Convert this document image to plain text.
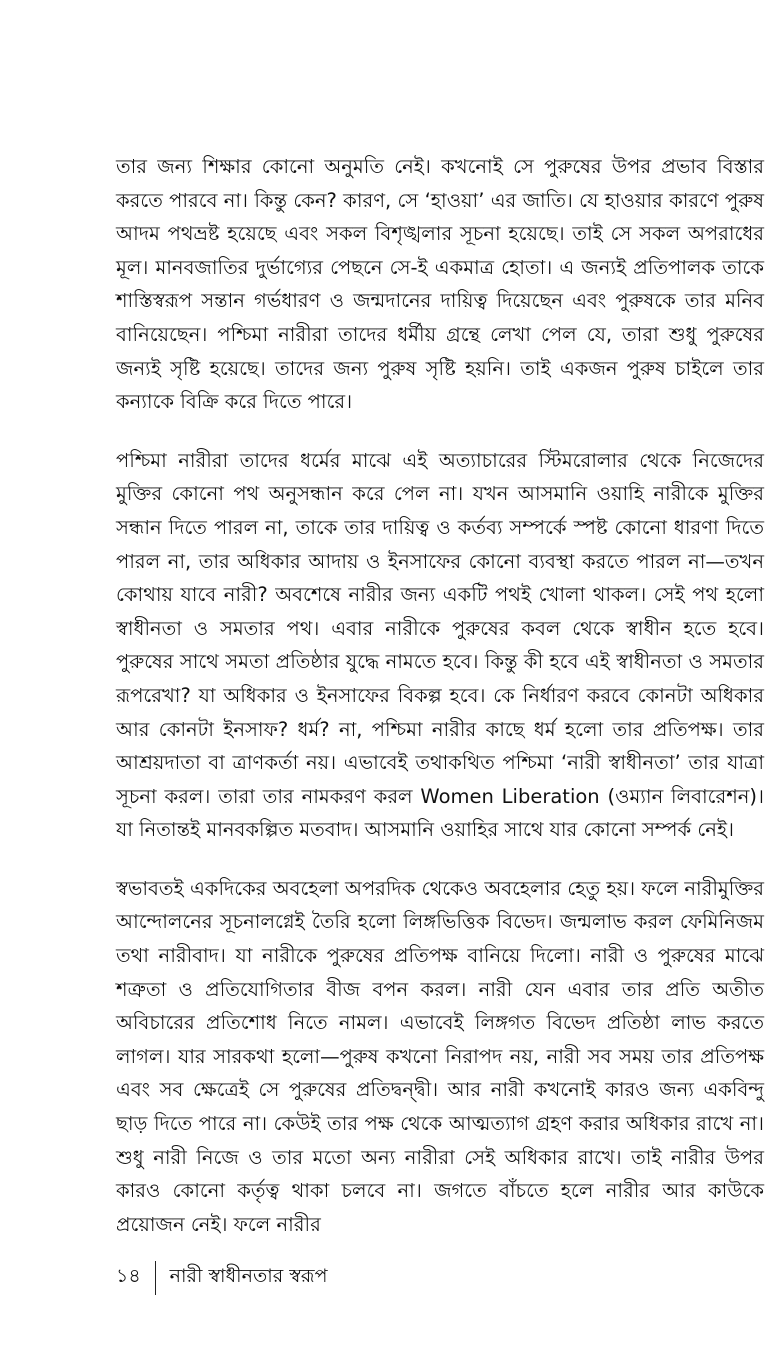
তার জন্য শিক্ষার কোনো অনুমতি নেই। কখনোই সে পুরুষের উপর প্রভাব বিস্তার করতে পারবে না। কিন্তু কেন? কারণ, সে ‘হাওয়া’ এর জাতি। যে হাওয়ার কারণে পুরুষ আদম পথভ্রষ্ট হয়েছে এবং সকল বিশৃঙ্খলার সূচনা হয়েছে। তাই সে সকল অপরাধের মূল। মানবজাতির দুর্ভাগ্যের পেছনে সে-ই একমাত্র হোতা। এ জন্যই প্রতিপালক তাকে শাস্তিস্বরূপ সন্তান গর্ভধারণ ও জন্মদানের দায়িত্ব দিয়েছেন এবং পুরুষকে তার মনিব বানিয়েছেন। পশ্চিমা নারীরা তাদের ধর্মীয় গ্রন্থে লেখা পেল যে, তারা শুধু পুরুষের জন্যই সৃষ্টি হয়েছে। তাদের জন্য পুরুষ সৃষ্টি হয়নি। তাই একজন পুরুষ চাইলে তার কন্যাকে বিক্রি করে দিতে পারে।

পশ্চিমা নারীরা তাদের ধর্মের মাঝে এই অত্যাচারের স্টিমরোলার থেকে নিজেদের মুক্তির কোনো পথ অনুসন্ধান করে পেল না। যখন আসমানি ওয়াহি নারীকে মুক্তির সন্ধান দিতে পারল না, তাকে তার দায়িত্ব ও কর্তব্য সম্পর্কে স্পষ্ট কোনো ধারণা দিতে পারল না, তার অধিকার আদায় ও ইনসাফের কোনো ব্যবস্থা করতে পারল না—তখন কোথায় যাবে নারী? অবশেষে নারীর জন্য একটি পথই খোলা থাকল। সেই পথ হলো স্বাধীনতা ও সমতার পথ। এবার নারীকে পুরুষের কবল থেকে স্বাধীন হতে হবে। পুরুষের সাথে সমতা প্রতিষ্ঠার যুদ্ধে নামতে হবে। কিন্তু কী হবে এই স্বাধীনতা ও সমতার রূপরেখা? যা অধিকার ও ইনসাফের বিকল্প হবে। কে নির্ধারণ করবে কোনটা অধিকার আর কোনটা ইনসাফ? ধর্ম? না, পশ্চিমা নারীর কাছে ধর্ম হলো তার প্রতিপক্ষ। তার আশ্রয়দাতা বা ত্রাণকর্তা নয়। এভাবেই তথাকথিত পশ্চিমা ‘নারী স্বাধীনতা’ তার যাত্রা সূচনা করল। তারা তার নামকরণ করল Women Liberation (ওম্যান লিবারেশন)। যা নিতান্তই মানবকল্পিত মতবাদ। আসমানি ওয়াহির সাথে যার কোনো সম্পর্ক নেই।

স্বভাবতই একদিকের অবহেলা অপরদিক থেকেও অবহেলার হেতু হয়। ফলে নারীমুক্তির আন্দোলনের সূচনালগ্নেই তৈরি হলো লিঙ্গভিত্তিক বিভেদ। জন্মলাভ করল ফেমিনিজম তথা নারীবাদ। যা নারীকে পুরুষের প্রতিপক্ষ বানিয়ে দিলো। নারী ও পুরুষের মাঝে শত্রুতা ও প্রতিযোগিতার বীজ বপন করল। নারী যেন এবার তার প্রতি অতীত অবিচারের প্রতিশোধ নিতে নামল। এভাবেই লিঙ্গগত বিভেদ প্রতিষ্ঠা লাভ করতে লাগল। যার সারকথা হলো—পুরুষ কখনো নিরাপদ নয়, নারী সব সময় তার প্রতিপক্ষ এবং সব ক্ষেত্রেই সে পুরুষের প্রতিদ্বন্দ্বী। আর নারী কখনোই কারও জন্য একবিন্দু ছাড় দিতে পারে না। কেউই তার পক্ষ থেকে আত্মত্যাগ গ্রহণ করার অধিকার রাখে না। শুধু নারী নিজে ও তার মতো অন্য নারীরা সেই অধিকার রাখে। তাই নারীর উপর কারও কোনো কর্তৃত্ব থাকা চলবে না। জগতে বাঁচতে হলে নারীর আর কাউকে প্রয়োজন নেই। ফলে নারীর

১৪	নারী স্বাধীনতার স্বরূপ
